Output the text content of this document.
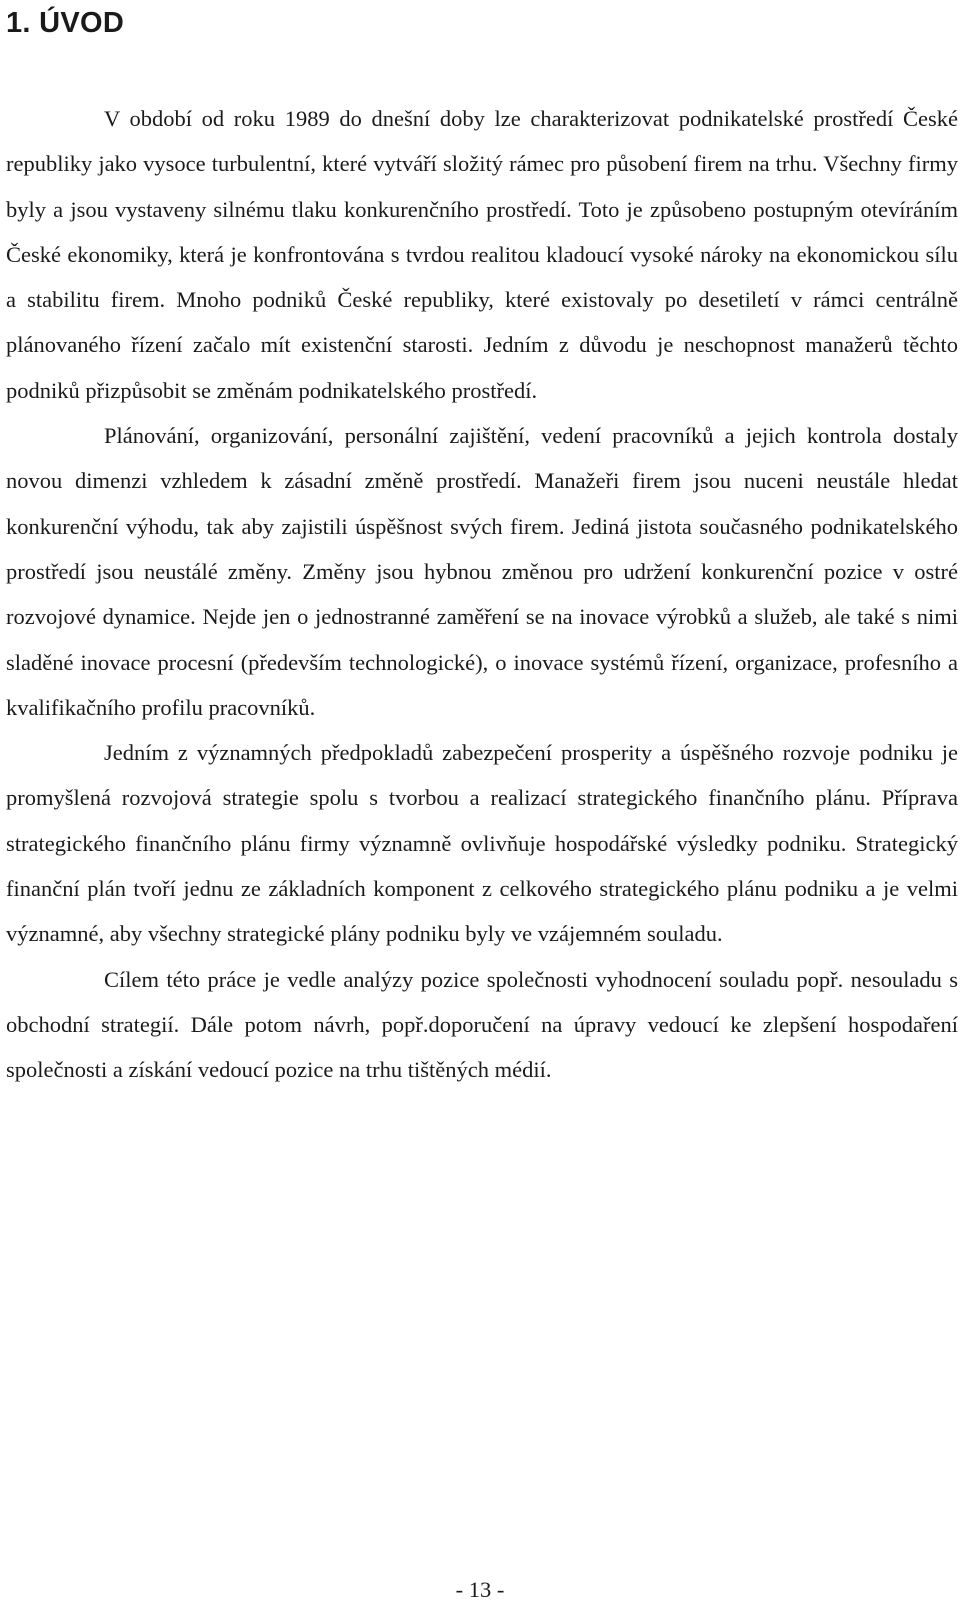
1. ÚVOD

V období od roku 1989 do dnešní doby lze charakterizovat podnikatelské prostředí České republiky jako vysoce turbulentní, které vytváří složitý rámec pro působení firem na trhu. Všechny firmy byly a jsou vystaveny silnému tlaku konkurenčního prostředí. Toto je způsobeno postupným otevíráním České ekonomiky, která je konfrontována s tvrdou realitou kladoucí vysoké nároky na ekonomickou sílu a stabilitu firem. Mnoho podniků České republiky, které existovaly po desetiletí v rámci centrálně plánovaného řízení začalo mít existenční starosti. Jedním z důvodu je neschopnost manažerů těchto podniků přizpůsobit se změnám podnikatelského prostředí.

Plánování, organizování, personální zajištění, vedení pracovníků a jejich kontrola dostaly novou dimenzi vzhledem k zásadní změně prostředí. Manažeři firem jsou nuceni neustále hledat konkurenční výhodu, tak aby zajistili úspěšnost svých firem. Jediná jistota současného podnikatelského prostředí jsou neustálé změny. Změny jsou hybnou změnou pro udržení konkurenční pozice v ostré rozvojové dynamice. Nejde jen o jednostranné zaměření se na inovace výrobků a služeb, ale také s nimi sladěné inovace procesní (především technologické), o inovace systémů řízení, organizace, profesního a kvalifikačního profilu pracovníků.

Jedním z významných předpokladů zabezpečení prosperity a úspěšného rozvoje podniku je promyšlená rozvojová strategie spolu s tvorbou a realizací strategického finančního plánu. Příprava strategického finančního plánu firmy významně ovlivňuje hospodářské výsledky podniku. Strategický finanční plán tvoří jednu ze základních komponent z celkového strategického plánu podniku a je velmi významné, aby všechny strategické plány podniku byly ve vzájemném souladu.

Cílem této práce je vedle analýzy pozice společnosti vyhodnocení souladu popř. nesouladu s obchodní strategií. Dále potom návrh, popř.doporučení na úpravy vedoucí ke zlepšení hospodaření společnosti a získání vedoucí pozice na trhu tištěných médií.

- 13 -
